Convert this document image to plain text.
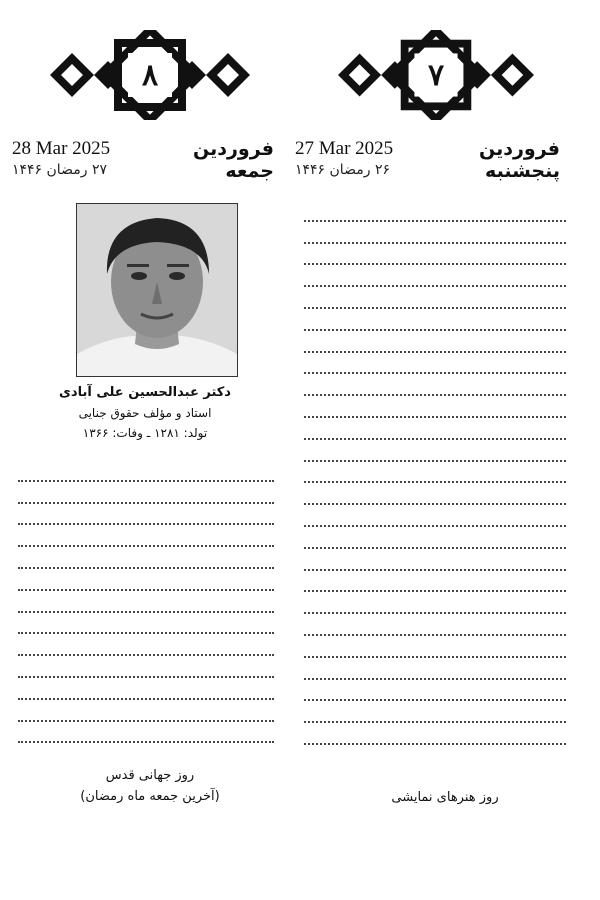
۸
28 Mar 2025
۲۷ رمضان ۱۴۴۶
فروردین
جمعه
دکتر عبدالحسین علی آبادی
استاد و مؤلف حقوق جنایی
تولد: ۱۲۸۱ ـ وفات: ۱۳۶۶
روز جهانی قدس
(آخرین جمعه ماه رمضان)
۷
27 Mar 2025
۲۶ رمضان ۱۴۴۶
فروردین
پنجشنبه
روز هنرهای نمایشی
